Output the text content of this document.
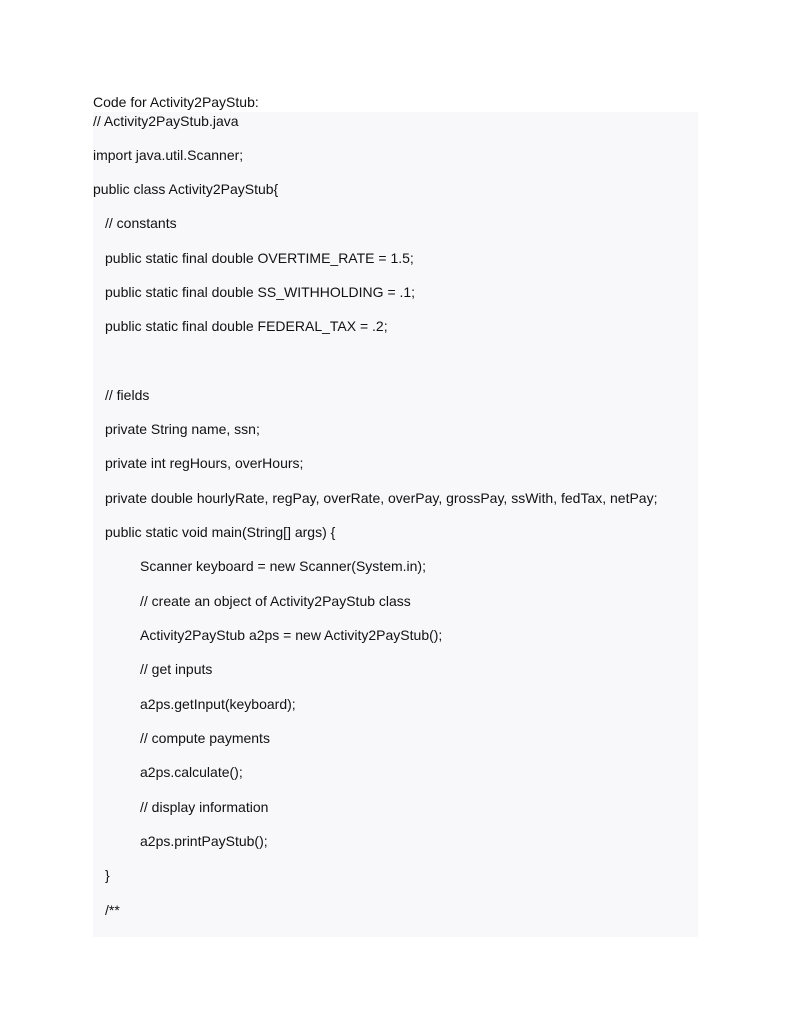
Code for Activity2PayStub:
// Activity2PayStub.java
import java.util.Scanner;
public class Activity2PayStub{
// constants
public static final double OVERTIME_RATE = 1.5;
public static final double SS_WITHHOLDING = .1;
public static final double FEDERAL_TAX = .2;
// fields
private String name, ssn;
private int regHours, overHours;
private double hourlyRate, regPay, overRate, overPay, grossPay, ssWith, fedTax, netPay;
public static void main(String[] args) {
Scanner keyboard = new Scanner(System.in);
// create an object of Activity2PayStub class
Activity2PayStub a2ps = new Activity2PayStub();
// get inputs
a2ps.getInput(keyboard);
// compute payments
a2ps.calculate();
// display information
a2ps.printPayStub();
}
/**
